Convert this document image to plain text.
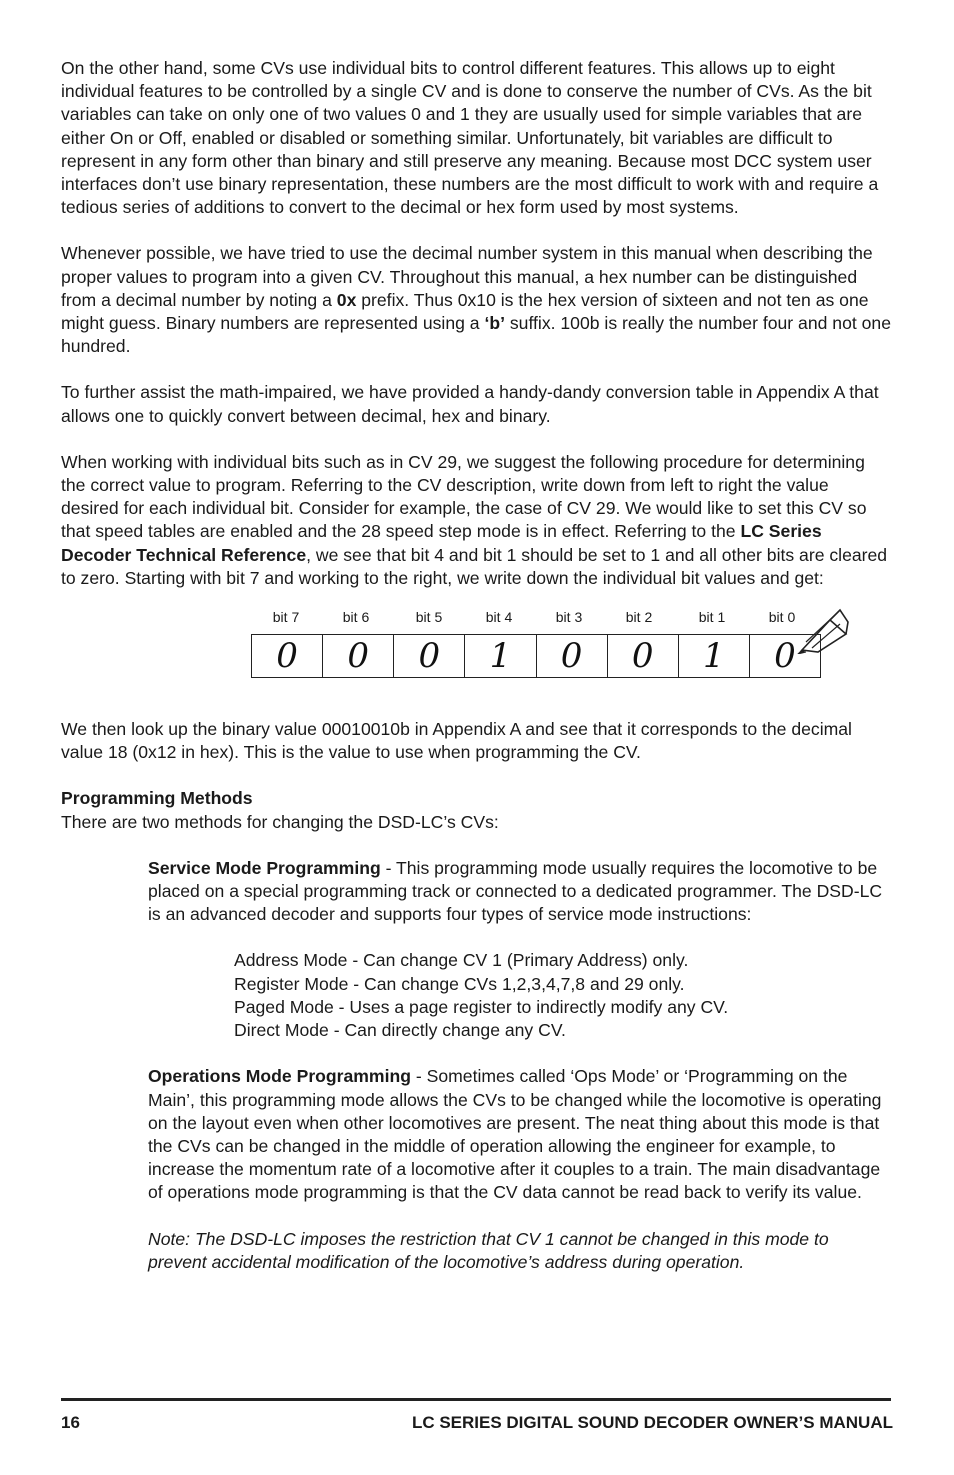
On the other hand, some CVs use individual bits to control different features. This allows up to eight individual features to be controlled by a single CV and is done to conserve the number of CVs. As the bit variables can take on only one of two values 0 and 1 they are usually used for simple variables that are either On or Off, enabled or disabled or something similar. Unfortunately, bit variables are difficult to represent in any form other than binary and still preserve any meaning. Because most DCC system user interfaces don’t use binary representation, these numbers are the most difficult to work with and require a tedious series of additions to convert to the decimal or hex form used by most systems.

Whenever possible, we have tried to use the decimal number system in this manual when describing the proper values to program into a given CV. Throughout this manual, a hex number can be distinguished from a decimal number by noting a 0x prefix. Thus 0x10 is the hex version of sixteen and not ten as one might guess. Binary numbers are represented using a ‘b’ suffix. 100b is really the number four and not one hundred.

To further assist the math-impaired, we have provided a handy-dandy conversion table in Appendix A that allows one to quickly convert between decimal, hex and binary.

When working with individual bits such as in CV 29, we suggest the following procedure for determining the correct value to program. Referring to the CV description, write down from left to right the value desired for each individual bit. Consider for example, the case of CV 29. We would like to set this CV so that speed tables are enabled and the 28 speed step mode is in effect. Referring to the LC Series Decoder Technical Reference, we see that bit 4 and bit 1 should be set to 1 and all other bits are cleared to zero. Starting with bit 7 and working to the right, we write down the individual bit values and get:

bit 7	bit 6	bit 5	bit 4	bit 3	bit 2	bit 1	bit 0
0	0	0	1	0	0	1	0

We then look up the binary value 00010010b in Appendix A and see that it corresponds to the decimal value 18 (0x12 in hex). This is the value to use when programming the CV.

Programming Methods

There are two methods for changing the DSD-LC’s CVs:

Service Mode Programming - This programming mode usually requires the locomotive to be placed on a special programming track or connected to a dedicated programmer. The DSD-LC is an advanced decoder and supports four types of service mode instructions:

Address Mode - Can change CV 1 (Primary Address) only.

Register Mode - Can change CVs 1,2,3,4,7,8 and 29 only.

Paged Mode - Uses a page register to indirectly modify any CV.

Direct Mode - Can directly change any CV.

Operations Mode Programming - Sometimes called ‘Ops Mode’ or ‘Programming on the Main’, this programming mode allows the CVs to be changed while the locomotive is operating on the layout even when other locomotives are present. The neat thing about this mode is that the CVs can be changed in the middle of operation allowing the engineer for example, to increase the momentum rate of a locomotive after it couples to a train. The main disadvantage of operations mode programming is that the CV data cannot be read back to verify its value.

Note: The DSD-LC imposes the restriction that CV 1 cannot be changed in this mode to prevent accidental modification of the locomotive’s address during operation.

16	LC SERIES DIGITAL SOUND DECODER OWNER’S MANUAL
